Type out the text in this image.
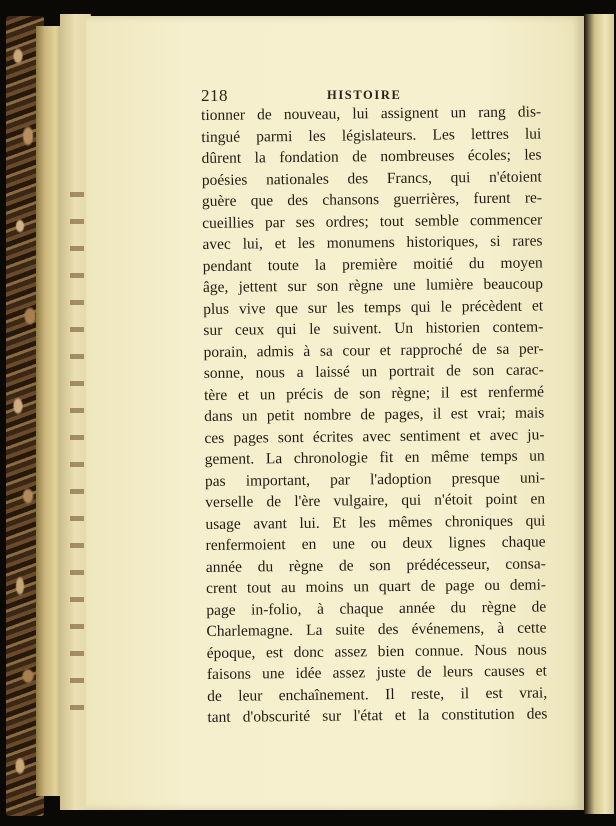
218	HISTOIRE
tionner de nouveau, lui assignent un rang dis-
tingué parmi les législateurs. Les lettres lui
dûrent la fondation de nombreuses écoles; les
poésies nationales des Francs, qui n'étoient
guère que des chansons guerrières, furent re-
cueillies par ses ordres; tout semble commencer
avec lui, et les monumens historiques, si rares
pendant toute la première moitié du moyen
âge, jettent sur son règne une lumière beaucoup
plus vive que sur les temps qui le précèdent et
sur ceux qui le suivent. Un historien contem-
porain, admis à sa cour et rapproché de sa per-
sonne, nous a laissé un portrait de son carac-
tère et un précis de son règne; il est renfermé
dans un petit nombre de pages, il est vrai; mais
ces pages sont écrites avec sentiment et avec ju-
gement. La chronologie fit en même temps un
pas important, par l'adoption presque uni-
verselle de l'ère vulgaire, qui n'étoit point en
usage avant lui. Et les mêmes chroniques qui
renfermoient en une ou deux lignes chaque
année du règne de son prédécesseur, consa-
crent tout au moins un quart de page ou demi-
page in-folio, à chaque année du règne de
Charlemagne. La suite des événemens, à cette
époque, est donc assez bien connue. Nous nous
faisons une idée assez juste de leurs causes et
de leur enchaînement. Il reste, il est vrai,
tant d'obscurité sur l'état et la constitution des
